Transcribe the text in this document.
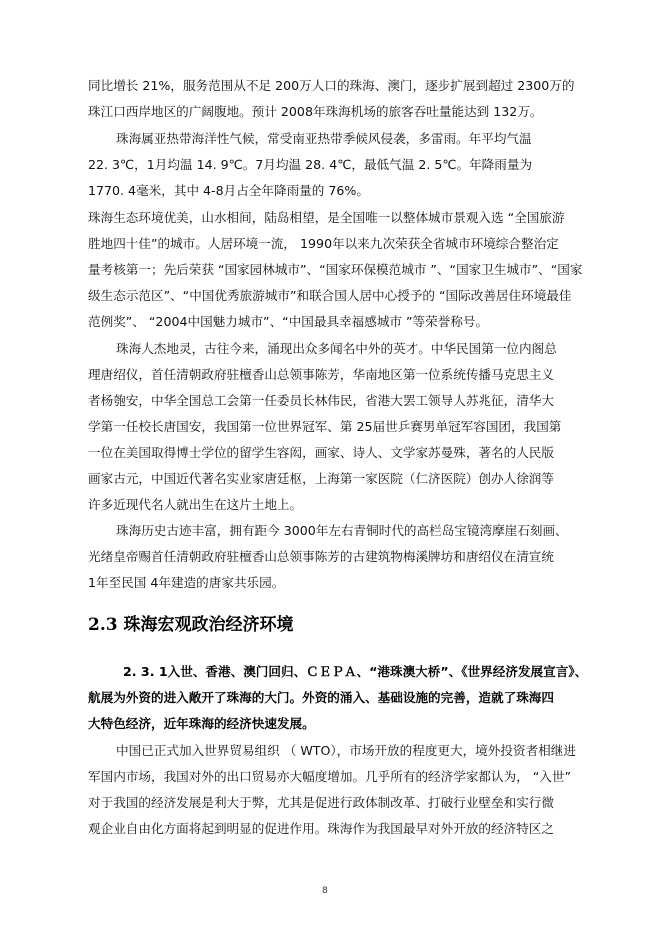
同比增长 21%，服务范围从不足 200万人口的珠海、澳门，逐步扩展到超过 2300万的
珠江口西岸地区的广阔腹地。预计 2008年珠海机场的旅客吞吐量能达到 132万。
珠海属亚热带海洋性气候，常受南亚热带季候风侵袭，多雷雨。年平均气温
22. 3℃，1月均温 14. 9℃。7月均温 28. 4℃，最低气温 2. 5℃。年降雨量为
1770. 4毫米，其中 4-8月占全年降雨量的 76%。
珠海生态环境优美，山水相间，陆岛相望，是全国唯一以整体城市景观入选 “全国旅游
胜地四十佳”的城市。人居环境一流， 1990年以来九次荣获全省城市环境综合整治定
量考核第一；先后荣获 “国家园林城市”、“国家环保模范城市 ”、“国家卫生城市”、“国家
级生态示范区”、“中国优秀旅游城市”和联合国人居中心授予的 “国际改善居住环境最佳
范例奖”、 “2004中国魅力城市”、“中国最具幸福感城市 ”等荣誉称号。
珠海人杰地灵，古往今来，涌现出众多闻名中外的英才。中华民国第一位内阁总
理唐绍仪，首任清朝政府驻檀香山总领事陈芳，华南地区第一位系统传播马克思主义
者杨匏安，中华全国总工会第一任委员长林伟民，省港大罢工领导人苏兆征，清华大
学第一任校长唐国安，我国第一位世界冠军、第 25届世乒赛男单冠军容国团，我国第
一位在美国取得博士学位的留学生容闳，画家、诗人、文学家苏曼殊，著名的人民版
画家古元，中国近代著名实业家唐廷枢，上海第一家医院（仁济医院）创办人徐润等
许多近现代名人就出生在这片土地上。
珠海历史古迹丰富，拥有距今 3000年左右青铜时代的高栏岛宝镜湾摩崖石刻画、
光绪皇帝赐首任清朝政府驻檀香山总领事陈芳的古建筑物梅溪牌坊和唐绍仪在清宣统
1年至民国 4年建造的唐家共乐园。
2.3 珠海宏观政治经济环境
2. 3. 1入世、香港、澳门回归、ＣＥＰＡ、“港珠澳大桥”、《世界经济发展宣言》、
航展为外资的进入敞开了珠海的大门。外资的涌入、基础设施的完善，造就了珠海四
大特色经济，近年珠海的经济快速发展。
中国已正式加入世界贸易组织 （ WTO），市场开放的程度更大，境外投资者相继进
军国内市场，我国对外的出口贸易亦大幅度增加。几乎所有的经济学家都认为， “入世”
对于我国的经济发展是利大于弊，尤其是促进行政体制改革、打破行业壁垒和实行微
观企业自由化方面将起到明显的促进作用。珠海作为我国最早对外开放的经济特区之
8
